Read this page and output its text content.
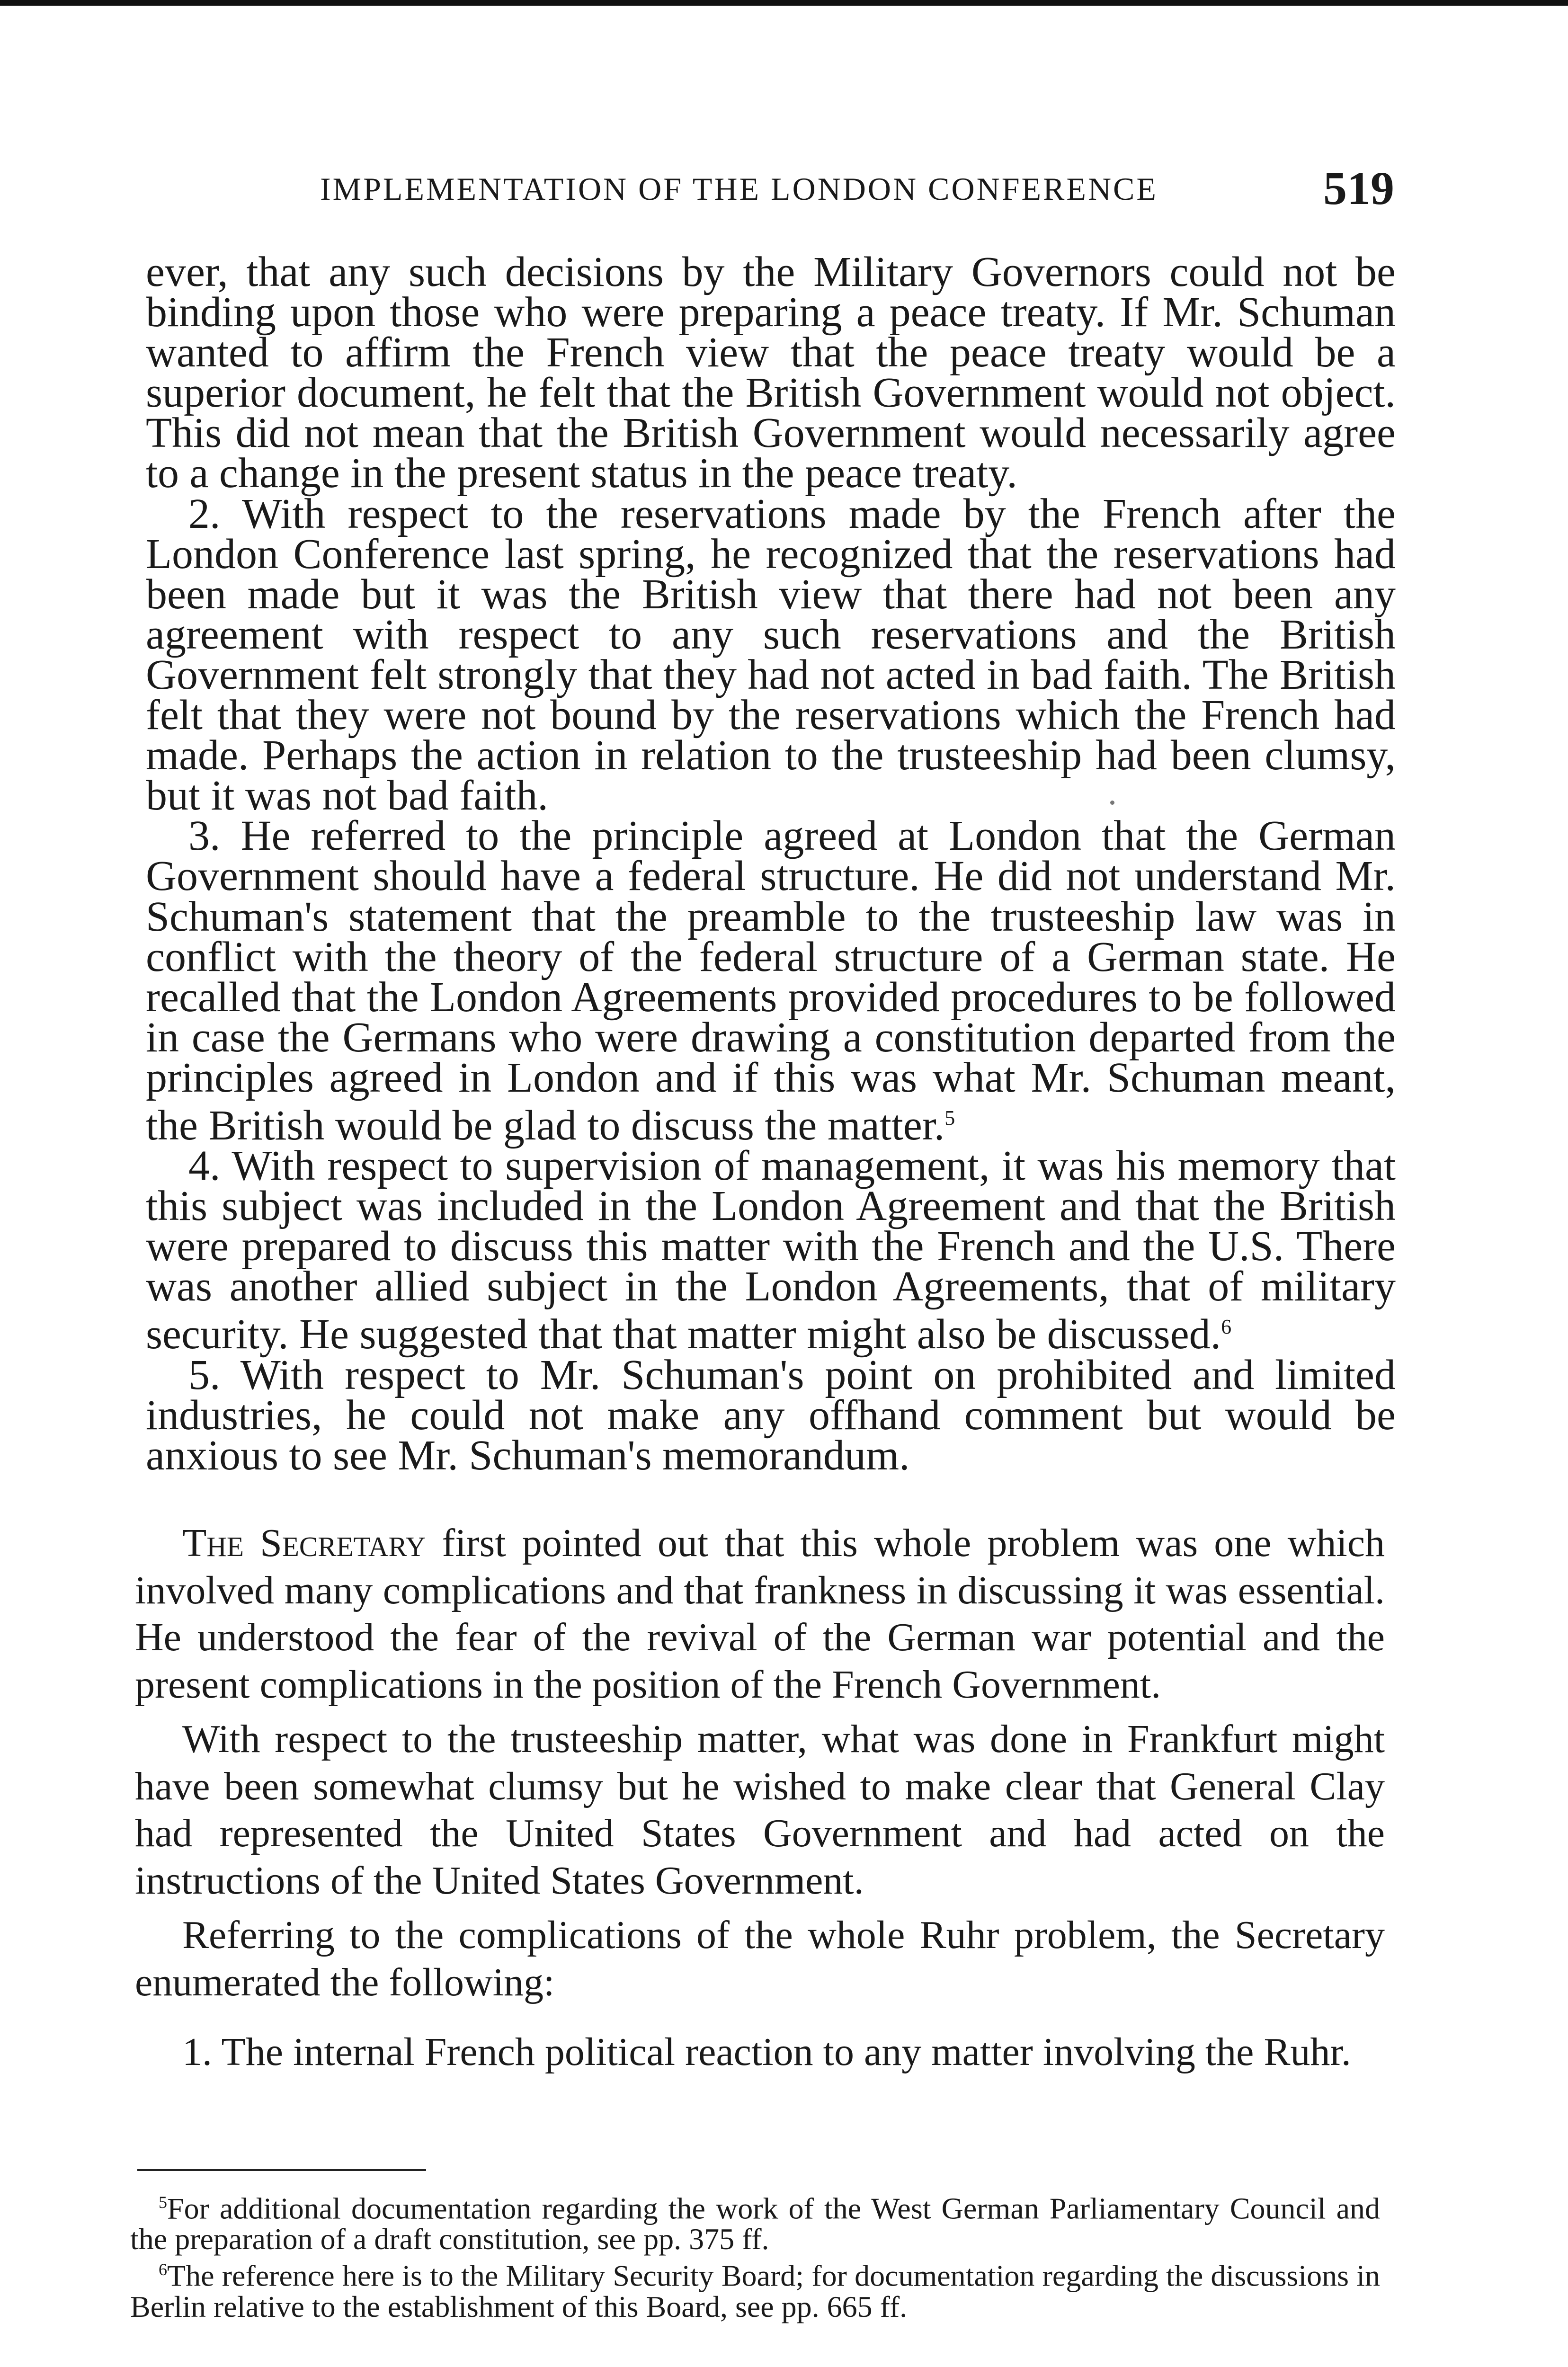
IMPLEMENTATION OF THE LONDON CONFERENCE	519

ever, that any such decisions by the Military Governors could not be binding upon those who were preparing a peace treaty. If Mr. Schuman wanted to affirm the French view that the peace treaty would be a superior document, he felt that the British Government would not object. This did not mean that the British Government would necessarily agree to a change in the present status in the peace treaty.

2. With respect to the reservations made by the French after the London Conference last spring, he recognized that the reservations had been made but it was the British view that there had not been any agreement with respect to any such reservations and the British Government felt strongly that they had not acted in bad faith. The British felt that they were not bound by the reservations which the French had made. Perhaps the action in relation to the trusteeship had been clumsy, but it was not bad faith.

3. He referred to the principle agreed at London that the German Government should have a federal structure. He did not understand Mr. Schuman's statement that the preamble to the trusteeship law was in conflict with the theory of the federal structure of a German state. He recalled that the London Agreements provided procedures to be followed in case the Germans who were drawing a constitution departed from the principles agreed in London and if this was what Mr. Schuman meant, the British would be glad to discuss the matter.$^5$

4. With respect to supervision of management, it was his memory that this subject was included in the London Agreement and that the British were prepared to discuss this matter with the French and the U.S. There was another allied subject in the London Agreements, that of military security. He suggested that that matter might also be discussed.$^6$

5. With respect to Mr. Schuman's point on prohibited and limited industries, he could not make any offhand comment but would be anxious to see Mr. Schuman's memorandum.

The Secretary first pointed out that this whole problem was one which involved many complications and that frankness in discussing it was essential. He understood the fear of the revival of the German war potential and the present complications in the position of the French Government.

With respect to the trusteeship matter, what was done in Frankfurt might have been somewhat clumsy but he wished to make clear that General Clay had represented the United States Government and had acted on the instructions of the United States Government.

Referring to the complications of the whole Ruhr problem, the Secretary enumerated the following:

1. The internal French political reaction to any matter involving the Ruhr.

$^5$For additional documentation regarding the work of the West German Parliamentary Council and the preparation of a draft constitution, see pp. 375 ff.

$^6$The reference here is to the Military Security Board; for documentation regarding the discussions in Berlin relative to the establishment of this Board, see pp. 665 ff.
